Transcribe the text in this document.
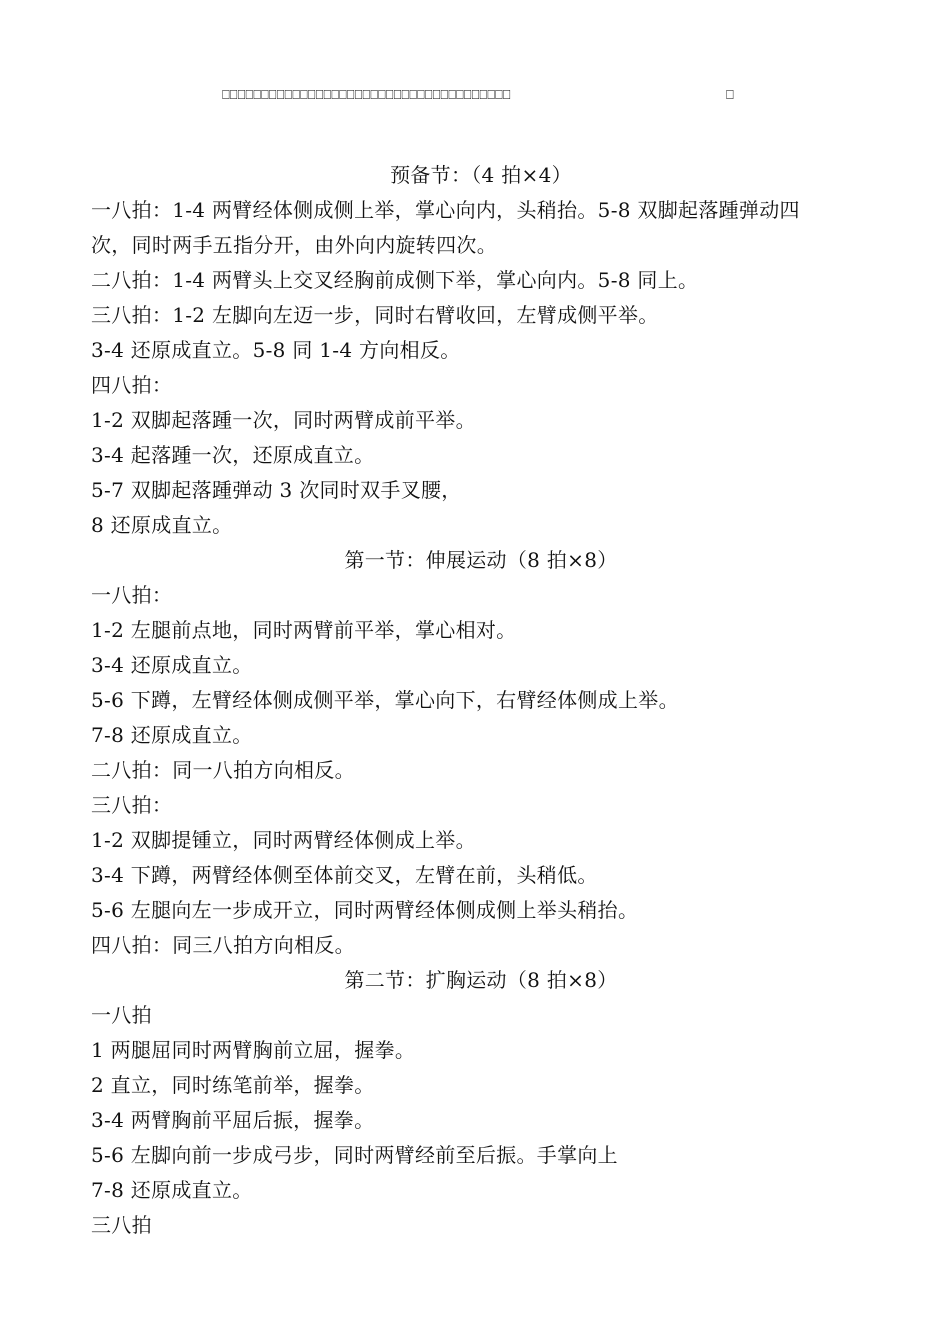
⎕⎕⎕⎕⎕⎕⎕⎕⎕⎕⎕⎕⎕⎕⎕⎕⎕⎕⎕⎕⎕⎕⎕⎕⎕⎕⎕⎕⎕⎕⎕⎕⎕⎕⎕⎕⎕	⎕
预备节：（4 拍×4）
一八拍：1-4 两臂经体侧成侧上举，掌心向内，头稍抬。5-8 双脚起落踵弹动四
次，同时两手五指分开，由外向内旋转四次。
二八拍：1-4 两臂头上交叉经胸前成侧下举，掌心向内。5-8 同上。
三八拍：1-2 左脚向左迈一步，同时右臂收回，左臂成侧平举。
3-4 还原成直立。5-8 同 1-4 方向相反。
四八拍：
1-2 双脚起落踵一次，同时两臂成前平举。
3-4 起落踵一次，还原成直立。
5-7 双脚起落踵弹动 3 次同时双手叉腰，
8 还原成直立。
第一节：伸展运动（8 拍×8）
一八拍：
1-2 左腿前点地，同时两臂前平举，掌心相对。
3-4 还原成直立。
5-6 下蹲，左臂经体侧成侧平举，掌心向下，右臂经体侧成上举。
7-8 还原成直立。
二八拍：同一八拍方向相反。
三八拍：
1-2 双脚提锺立，同时两臂经体侧成上举。
3-4 下蹲，两臂经体侧至体前交叉，左臂在前，头稍低。
5-6 左腿向左一步成开立，同时两臂经体侧成侧上举头稍抬。
四八拍：同三八拍方向相反。
第二节：扩胸运动（8 拍×8）
一八拍
1 两腿屈同时两臂胸前立屈，握拳。
2 直立，同时练笔前举，握拳。
3-4 两臂胸前平屈后振，握拳。
5-6 左脚向前一步成弓步，同时两臂经前至后振。手掌向上
7-8 还原成直立。
三八拍
